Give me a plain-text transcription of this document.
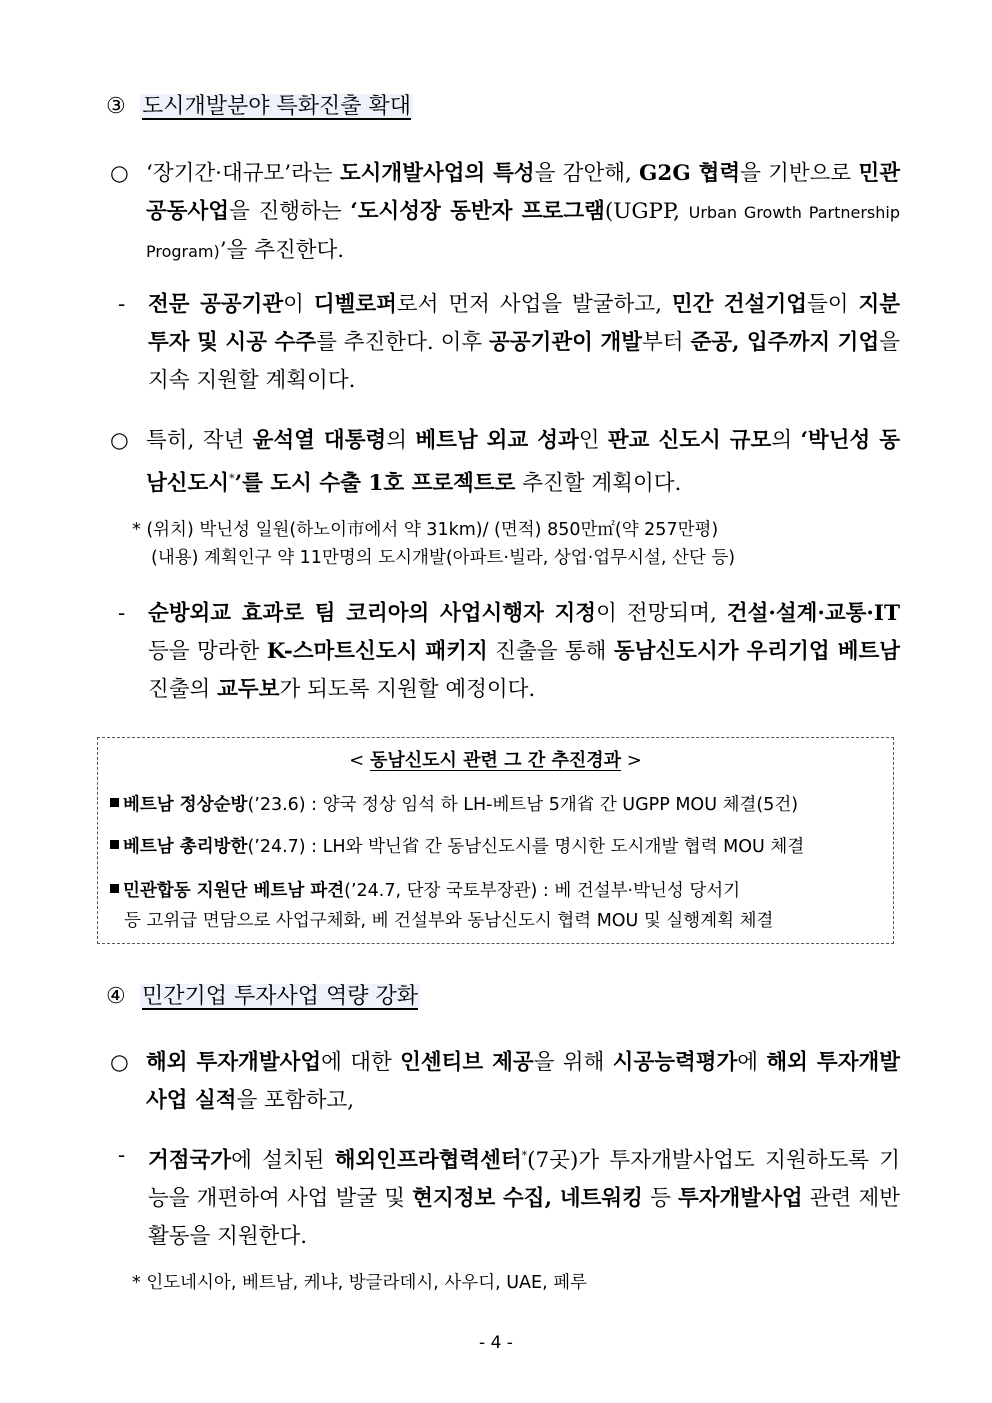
③ 도시개발분야 특화진출 확대
○ ‘장기간·대규모’라는 도시개발사업의 특성을 감안해, G2G 협력을 기반으로 민관 공동사업을 진행하는 ‘도시성장 동반자 프로그램(UGPP, Urban Growth Partnership Program)’을 추진한다.
- 전문 공공기관이 디벨로퍼로서 먼저 사업을 발굴하고, 민간 건설기업들이 지분 투자 및 시공 수주를 추진한다. 이후 공공기관이 개발부터 준공, 입주까지 기업을 지속 지원할 계획이다.
○ 특히, 작년 윤석열 대통령의 베트남 외교 성과인 판교 신도시 규모의 ‘박닌성 동남신도시*’를 도시 수출 1호 프로젝트로 추진할 계획이다.
* (위치) 박닌성 일원(하노이市에서 약 31km)/ (면적) 850만㎡(약 257만평)
(내용) 계획인구 약 11만명의 도시개발(아파트·빌라, 상업·업무시설, 산단 등)
- 순방외교 효과로 팀 코리아의 사업시행자 지정이 전망되며, 건설·설계·교통·IT 등을 망라한 K-스마트신도시 패키지 진출을 통해 동남신도시가 우리기업 베트남 진출의 교두보가 되도록 지원할 예정이다.
< 동남신도시 관련 그 간 추진경과 >
베트남 정상순방(’23.6) : 양국 정상 임석 하 LH-베트남 5개省 간 UGPP MOU 체결(5건)
베트남 총리방한(’24.7) : LH와 박닌省 간 동남신도시를 명시한 도시개발 협력 MOU 체결
민관합동 지원단 베트남 파견(’24.7, 단장 국토부장관) : 베 건설부·박닌성 당서기
등 고위급 면담으로 사업구체화, 베 건설부와 동남신도시 협력 MOU 및 실행계획 체결
④ 민간기업 투자사업 역량 강화
○ 해외 투자개발사업에 대한 인센티브 제공을 위해 시공능력평가에 해외 투자개발사업 실적을 포함하고,
- 거점국가에 설치된 해외인프라협력센터*(7곳)가 투자개발사업도 지원하도록 기능을 개편하여 사업 발굴 및 현지정보 수집, 네트워킹 등 투자개발사업 관련 제반 활동을 지원한다.
* 인도네시아, 베트남, 케냐, 방글라데시, 사우디, UAE, 페루
- 4 -
